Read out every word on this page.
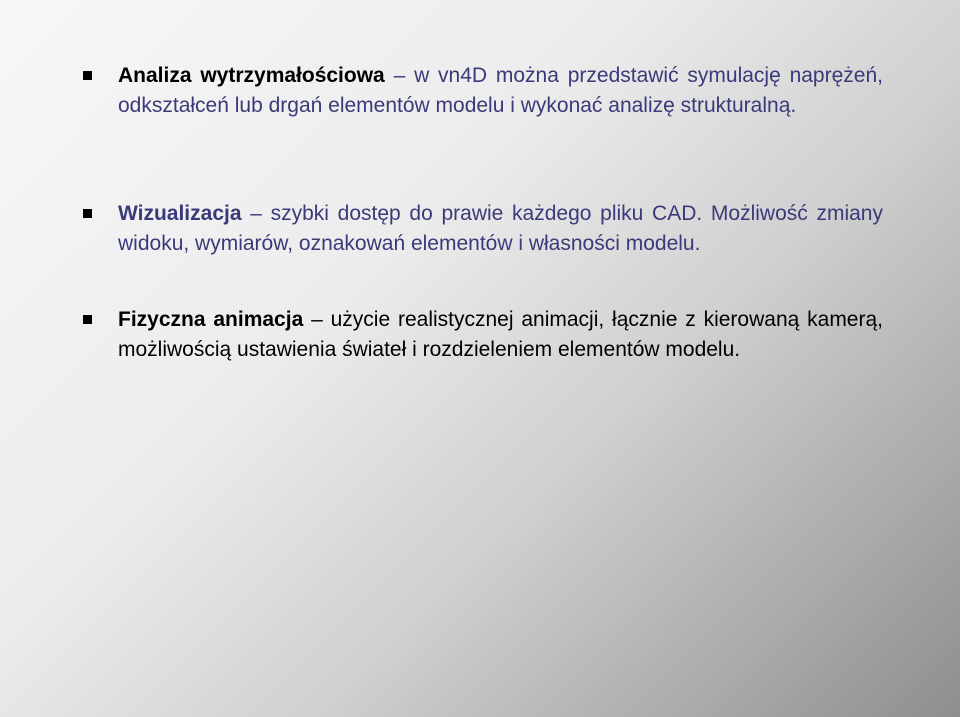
Analiza wytrzymałościowa – w vn4D można przedstawić symulację naprężeń, odkształceń lub drgań elementów modelu i wykonać analizę strukturalną.

Wizualizacja – szybki dostęp do prawie każdego pliku CAD. Możliwość zmiany widoku, wymiarów, oznakowań elementów i własności modelu.

Fizyczna animacja – użycie realistycznej animacji, łącznie z kierowaną kamerą, możliwością ustawienia świateł i rozdzieleniem elementów modelu.
